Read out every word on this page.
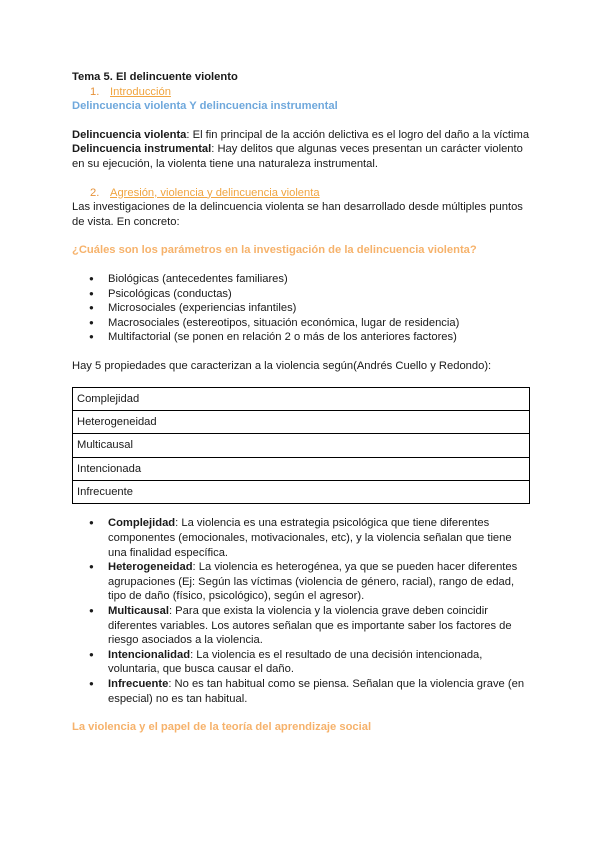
Tema 5. El delincuente violento
1. Introducción
Delincuencia violenta Y delincuencia instrumental
Delincuencia violenta: El fin principal de la acción delictiva es el logro del daño a la víctima
Delincuencia instrumental: Hay delitos que algunas veces presentan un carácter violento
en su ejecución, la violenta tiene una naturaleza instrumental.
2. Agresión, violencia y delincuencia violenta
Las investigaciones de la delincuencia violenta se han desarrollado desde múltiples puntos
de vista. En concreto:
¿Cuáles son los parámetros en la investigación de la delincuencia violenta?
● Biológicas (antecedentes familiares)
● Psicológicas (conductas)
● Microsociales (experiencias infantiles)
● Macrosociales (estereotipos, situación económica, lugar de residencia)
● Multifactorial (se ponen en relación 2 o más de los anteriores factores)
Hay 5 propiedades que caracterizan a la violencia según(Andrés Cuello y Redondo):
Complejidad
Heterogeneidad
Multicausal
Intencionada
Infrecuente
● Complejidad: La violencia es una estrategia psicológica que tiene diferentes
componentes (emocionales, motivacionales, etc), y la violencia señalan que tiene
una finalidad específica.
● Heterogeneidad: La violencia es heterogénea, ya que se pueden hacer diferentes
agrupaciones (Ej: Según las víctimas (violencia de género, racial), rango de edad,
tipo de daño (físico, psicológico), según el agresor).
● Multicausal: Para que exista la violencia y la violencia grave deben coincidir
diferentes variables. Los autores señalan que es importante saber los factores de
riesgo asociados a la violencia.
● Intencionalidad: La violencia es el resultado de una decisión intencionada,
voluntaria, que busca causar el daño.
● Infrecuente: No es tan habitual como se piensa. Señalan que la violencia grave (en
especial) no es tan habitual.
La violencia y el papel de la teoría del aprendizaje social
